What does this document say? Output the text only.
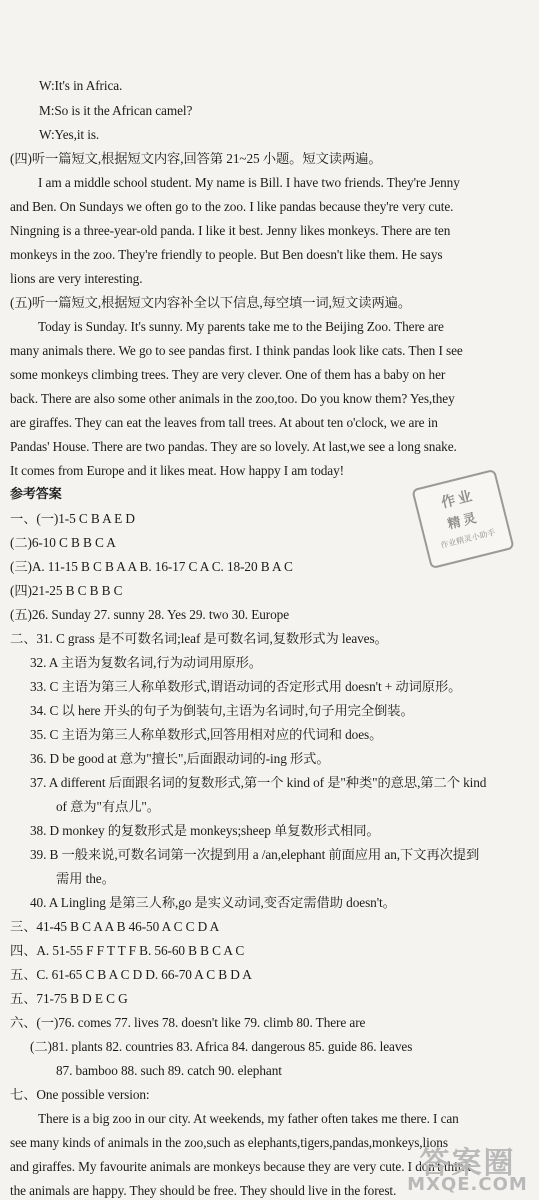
W:It's in Africa.
M:So is it the African camel?
W:Yes,it is.
(四)听一篇短文,根据短文内容,回答第 21~25 小题。短文读两遍。
I am a middle school student. My name is Bill. I have two friends. They're Jenny
and Ben. On Sundays we often go to the zoo. I like pandas because they're very cute.
Ningning is a three-year-old panda. I like it best. Jenny likes monkeys. There are ten
monkeys in the zoo. They're friendly to people. But Ben doesn't like them. He says
lions are very interesting.
(五)听一篇短文,根据短文内容补全以下信息,每空填一词,短文读两遍。
Today is Sunday. It's sunny. My parents take me to the Beijing Zoo. There are
many animals there. We go to see pandas first. I think pandas look like cats. Then I see
some monkeys climbing trees. They are very clever. One of them has a baby on her
back. There are also some other animals in the zoo,too. Do you know them? Yes,they
are giraffes. They can eat the leaves from tall trees. At about ten o'clock, we are in
Pandas' House. There are two pandas. They are so lovely. At last,we see a long snake.
It comes from Europe and it likes meat. How happy I am today!
参考答案
一、(一)1-5 C B A E D
(二)6-10 C B B C A
(三)A. 11-15 B C B A A B. 16-17 C A C. 18-20 B A C
(四)21-25 B C B B C
(五)26. Sunday 27. sunny 28. Yes 29. two 30. Europe
二、31. C grass 是不可数名词;leaf 是可数名词,复数形式为 leaves。
32. A 主语为复数名词,行为动词用原形。
33. C 主语为第三人称单数形式,谓语动词的否定形式用 doesn't + 动词原形。
34. C 以 here 开头的句子为倒装句,主语为名词时,句子用完全倒装。
35. C 主语为第三人称单数形式,回答用相对应的代词和 does。
36. D be good at 意为"擅长",后面跟动词的-ing 形式。
37. A different 后面跟名词的复数形式,第一个 kind of 是"种类"的意思,第二个 kind
of 意为"有点儿"。
38. D monkey 的复数形式是 monkeys;sheep 单复数形式相同。
39. B 一般来说,可数名词第一次提到用 a /an,elephant 前面应用 an,下文再次提到
需用 the。
40. A Lingling 是第三人称,go 是实义动词,变否定需借助 doesn't。
三、41-45 B C A A B 46-50 A C C D A
四、A. 51-55 F F T T F B. 56-60 B B C A C
五、C. 61-65 C B A C D D. 66-70 A C B D A
五、71-75 B D E C G
六、(一)76. comes 77. lives 78. doesn't like 79. climb 80. There are
(二)81. plants 82. countries 83. Africa 84. dangerous 85. guide 86. leaves
87. bamboo 88. such 89. catch 90. elephant
七、One possible version:
There is a big zoo in our city. At weekends, my father often takes me there. I can
see many kinds of animals in the zoo,such as elephants,tigers,pandas,monkeys,lions
and giraffes. My favourite animals are monkeys because they are very cute. I don't think
the animals are happy. They should be free. They should live in the forest.
作业
精灵
作业精灵小助手
答案圈
MXQE.COM
